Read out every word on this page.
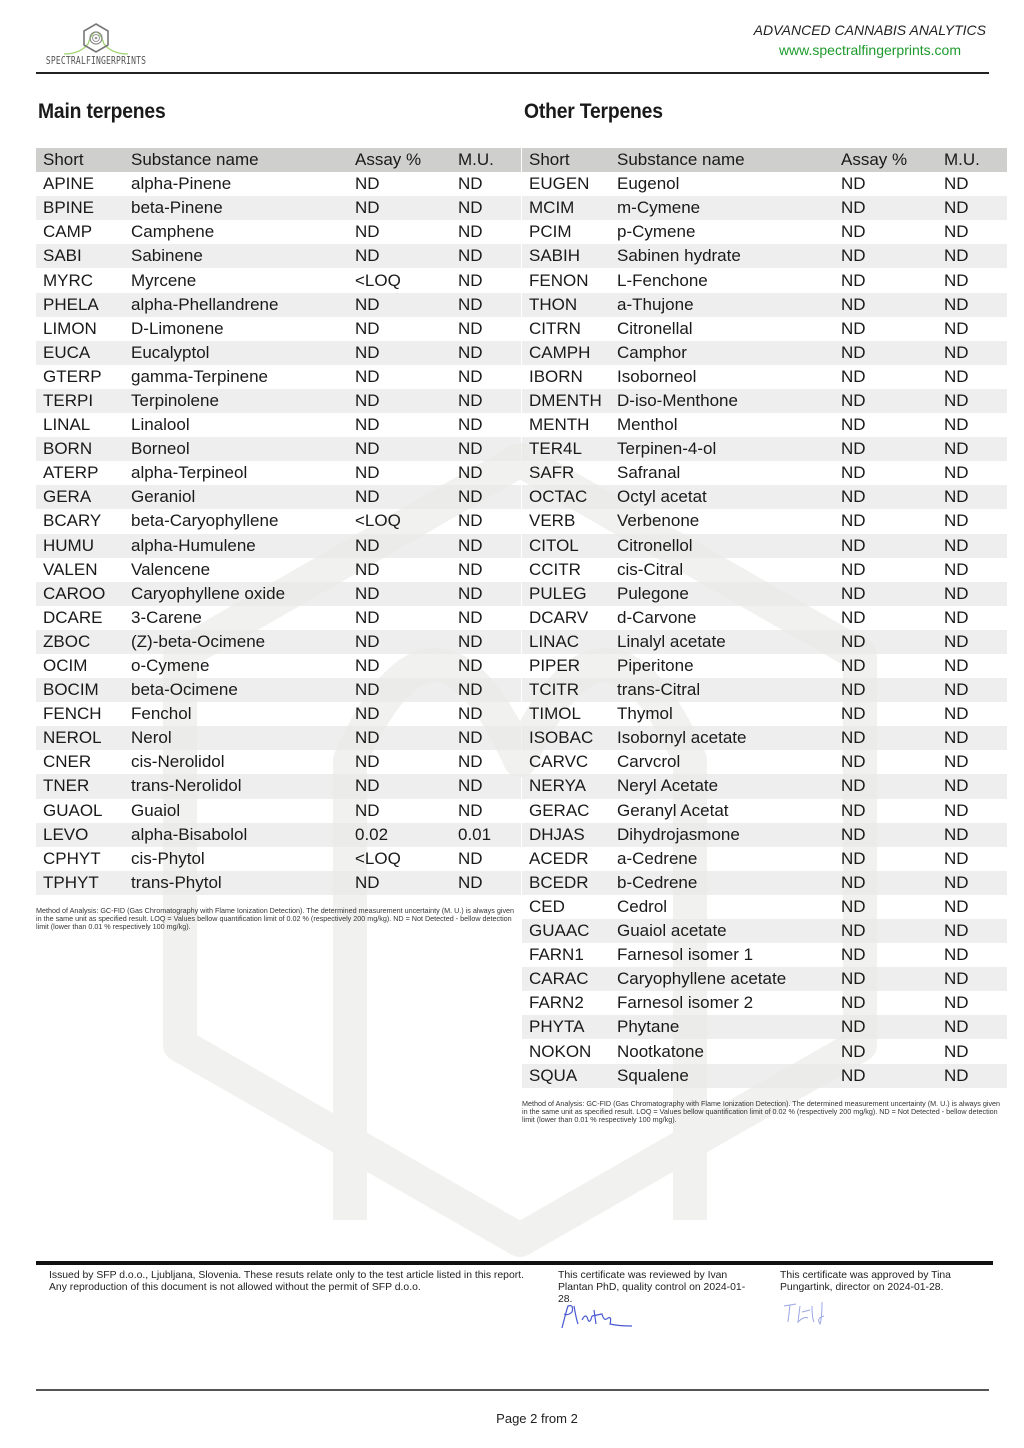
SPECTRALFINGERPRINTS
ADVANCED CANNABIS ANALYTICS
www.spectralfingerprints.com
Main terpenes
Short	Substance name	Assay %	M.U.
APINE	alpha-Pinene	ND	ND
BPINE	beta-Pinene	ND	ND
CAMP	Camphene	ND	ND
SABI	Sabinene	ND	ND
MYRC	Myrcene	<LOQ	ND
PHELA	alpha-Phellandrene	ND	ND
LIMON	D-Limonene	ND	ND
EUCA	Eucalyptol	ND	ND
GTERP	gamma-Terpinene	ND	ND
TERPI	Terpinolene	ND	ND
LINAL	Linalool	ND	ND
BORN	Borneol	ND	ND
ATERP	alpha-Terpineol	ND	ND
GERA	Geraniol	ND	ND
BCARY	beta-Caryophyllene	<LOQ	ND
HUMU	alpha-Humulene	ND	ND
VALEN	Valencene	ND	ND
CAROO	Caryophyllene oxide	ND	ND
DCARE	3-Carene	ND	ND
ZBOC	(Z)-beta-Ocimene	ND	ND
OCIM	o-Cymene	ND	ND
BOCIM	beta-Ocimene	ND	ND
FENCH	Fenchol	ND	ND
NEROL	Nerol	ND	ND
CNER	cis-Nerolidol	ND	ND
TNER	trans-Nerolidol	ND	ND
GUAOL	Guaiol	ND	ND
LEVO	alpha-Bisabolol	0.02	0.01
CPHYT	cis-Phytol	<LOQ	ND
TPHYT	trans-Phytol	ND	ND
Method of Analysis: GC-FID (Gas Chromatography with Flame Ionization Detection). The determined measurement uncertainty (M. U.) is always given in the same unit as specified result. LOQ = Values bellow quantification limit of 0.02 % (respectively 200 mg/kg). ND = Not Detected - bellow detection limit (lower than 0.01 % respectively 100 mg/kg).
Other Terpenes
Short	Substance name	Assay %	M.U.
EUGEN	Eugenol	ND	ND
MCIM	m-Cymene	ND	ND
PCIM	p-Cymene	ND	ND
SABIH	Sabinen hydrate	ND	ND
FENON	L-Fenchone	ND	ND
THON	a-Thujone	ND	ND
CITRN	Citronellal	ND	ND
CAMPH	Camphor	ND	ND
IBORN	Isoborneol	ND	ND
DMENTH	D-iso-Menthone	ND	ND
MENTH	Menthol	ND	ND
TER4L	Terpinen-4-ol	ND	ND
SAFR	Safranal	ND	ND
OCTAC	Octyl acetat	ND	ND
VERB	Verbenone	ND	ND
CITOL	Citronellol	ND	ND
CCITR	cis-Citral	ND	ND
PULEG	Pulegone	ND	ND
DCARV	d-Carvone	ND	ND
LINAC	Linalyl acetate	ND	ND
PIPER	Piperitone	ND	ND
TCITR	trans-Citral	ND	ND
TIMOL	Thymol	ND	ND
ISOBAC	Isobornyl acetate	ND	ND
CARVC	Carvcrol	ND	ND
NERYA	Neryl Acetate	ND	ND
GERAC	Geranyl Acetat	ND	ND
DHJAS	Dihydrojasmone	ND	ND
ACEDR	a-Cedrene	ND	ND
BCEDR	b-Cedrene	ND	ND
CED	Cedrol	ND	ND
GUAAC	Guaiol acetate	ND	ND
FARN1	Farnesol isomer 1	ND	ND
CARAC	Caryophyllene acetate	ND	ND
FARN2	Farnesol isomer 2	ND	ND
PHYTA	Phytane	ND	ND
NOKON	Nootkatone	ND	ND
SQUA	Squalene	ND	ND
Method of Analysis: GC-FID (Gas Chromatography with Flame Ionization Detection). The determined measurement uncertainty (M. U.) is always given in the same unit as specified result. LOQ = Values bellow quantification limit of 0.02 % (respectively 200 mg/kg). ND = Not Detected - bellow detection limit (lower than 0.01 % respectively 100 mg/kg).
Issued by SFP d.o.o., Ljubljana, Slovenia. These resuts relate only to the test article listed in this report. Any reproduction of this document is not allowed without the permit of SFP d.o.o.
This certificate was reviewed by Ivan Plantan PhD, quality control on 2024-01-28.
This certificate was approved by Tina Pungartink, director on 2024-01-28.
Page 2 from 2
